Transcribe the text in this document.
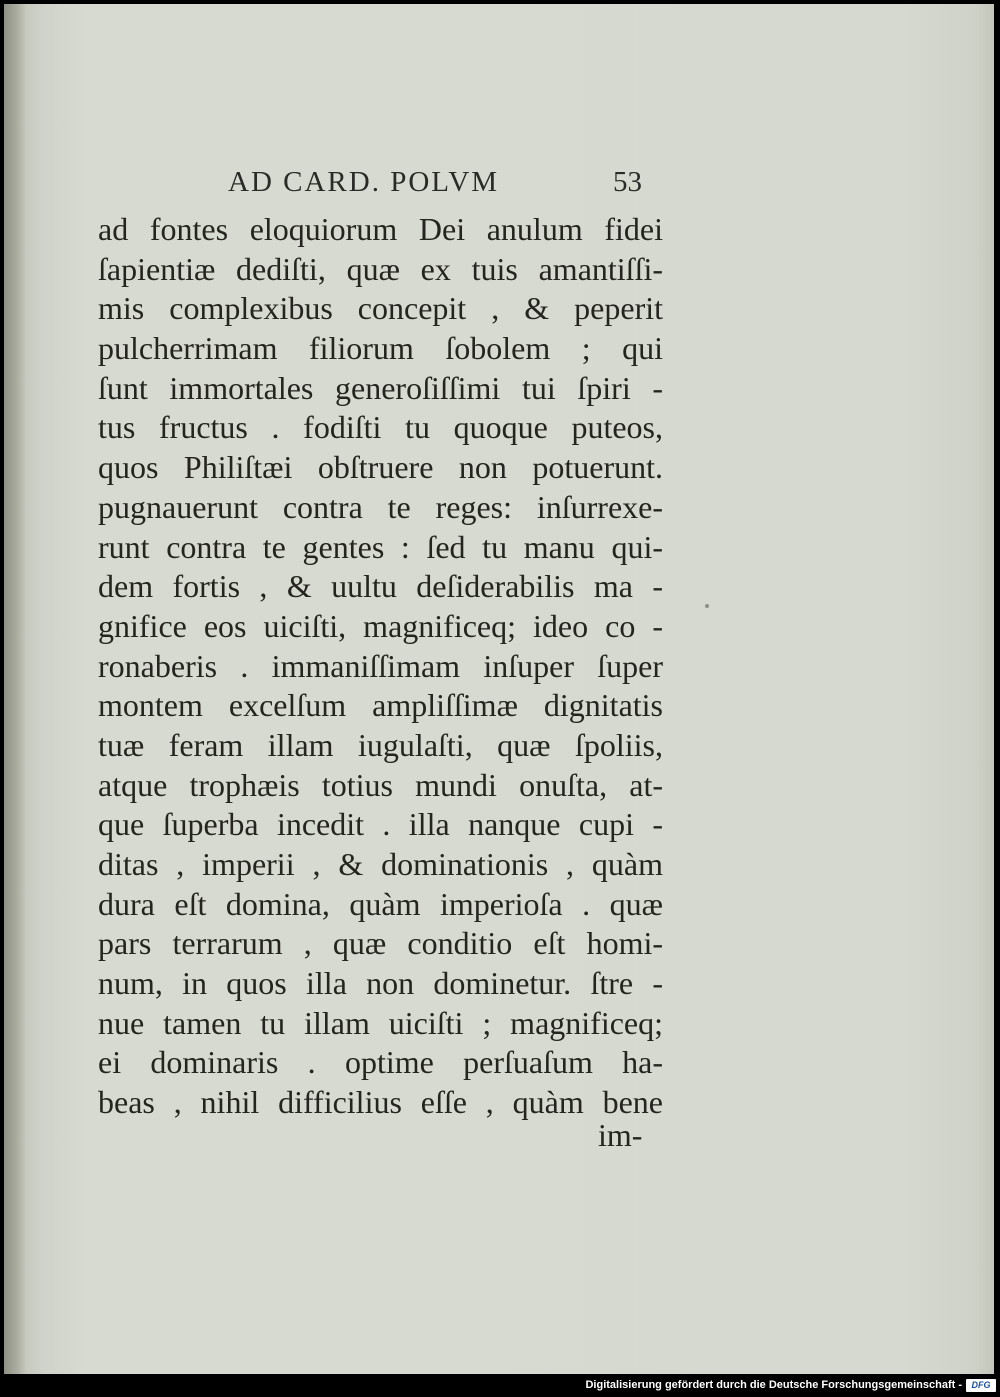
AD CARD. POLVM	53
ad fontes eloquiorum Dei anulum fidei
ſapientiæ dediſti, quæ ex tuis amantiſſi-
mis complexibus concepit , & peperit
pulcherrimam filiorum ſobolem ; qui
ſunt immortales generoſiſſimi tui ſpiri -
tus fructus . fodiſti tu quoque puteos,
quos Philiſtæi obſtruere non potuerunt.
pugnauerunt contra te reges: inſurrexe-
runt contra te gentes : ſed tu manu qui-
dem fortis , & uultu deſiderabilis ma -
gnifice eos uiciſti, magnificeq; ideo co -
ronaberis . immaniſſimam inſuper ſuper
montem excelſum ampliſſimæ dignitatis
tuæ feram illam iugulaſti, quæ ſpoliis,
atque trophæis totius mundi onuſta, at-
que ſuperba incedit . illa nanque cupi -
ditas , imperii , & dominationis , quàm
dura eſt domina, quàm imperioſa . quæ
pars terrarum , quæ conditio eſt homi-
num, in quos illa non dominetur. ſtre -
nue tamen tu illam uiciſti ; magnificeq;
ei dominaris . optime perſuaſum ha-
beas , nihil difficilius eſſe , quàm bene
im-
Digitalisierung gefördert durch die Deutsche Forschungsgemeinschaft -	DFG
